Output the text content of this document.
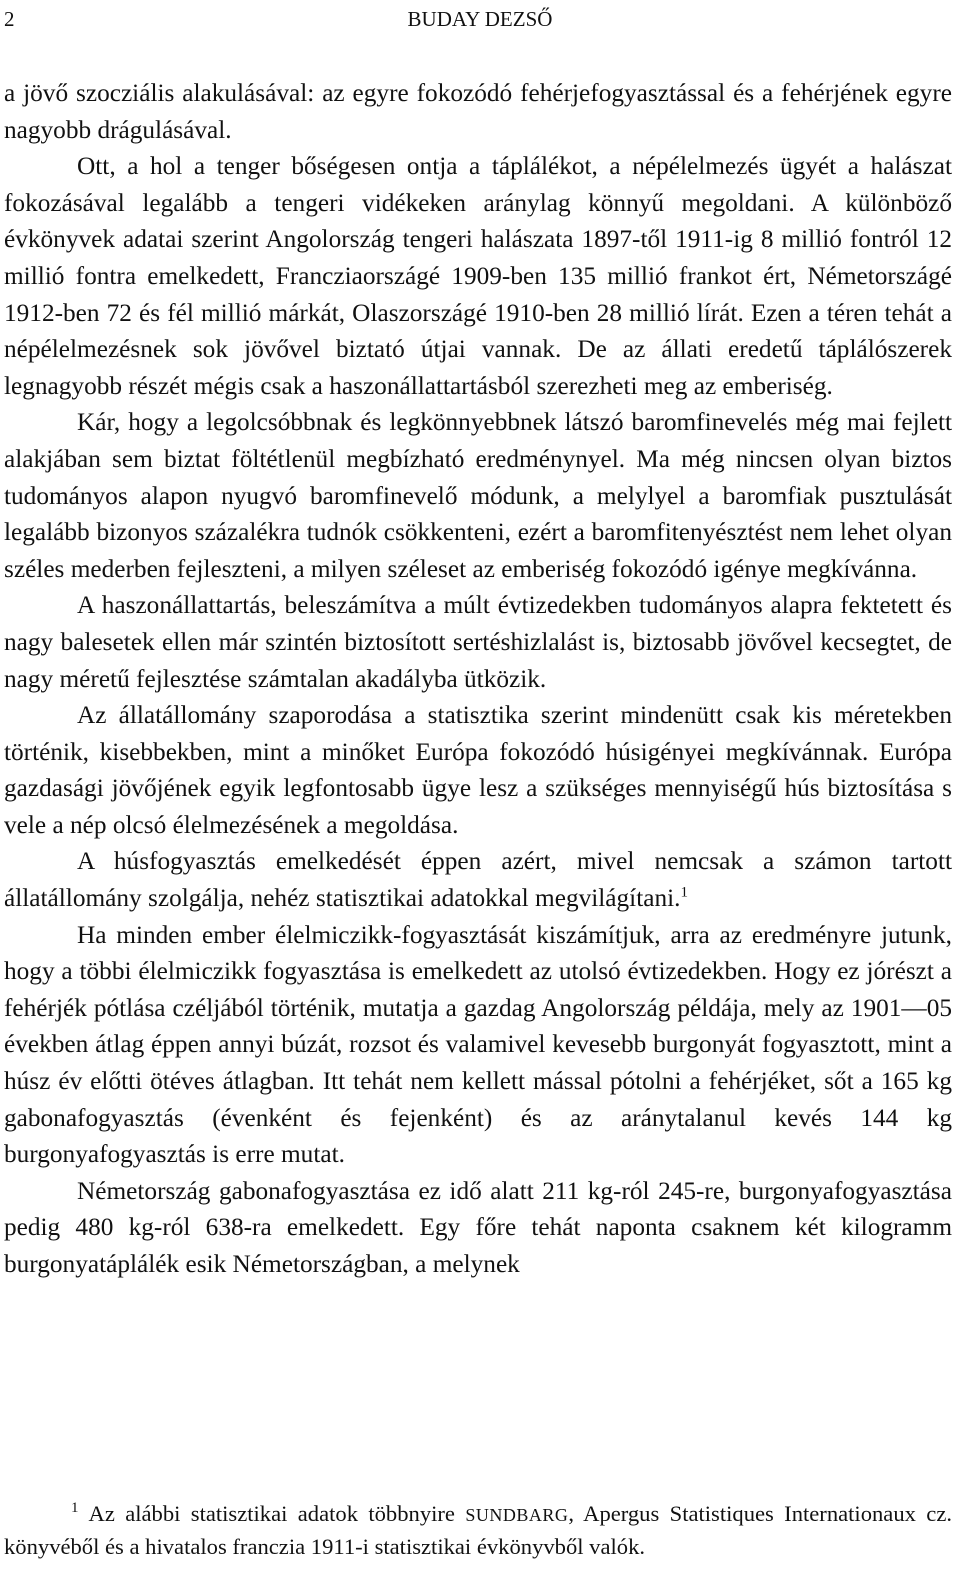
2	BUDAY DEZSŐ

a jövő szocziális alakulásával: az egyre fokozódó fehérjefogyasztással és a fehérjének egyre nagyobb drágulásával.

Ott, a hol a tenger bőségesen ontja a táplálékot, a népélelmezés ügyét a halászat fokozásával legalább a tengeri vidékeken aránylag könnyű megoldani. A különböző évkönyvek adatai szerint Angolország tengeri halászata 1897-től 1911-ig 8 millió fontról 12 millió fontra emelkedett, Francziaországé 1909-ben 135 millió frankot ért, Németországé 1912-ben 72 és fél millió márkát, Olaszországé 1910-ben 28 millió lírát. Ezen a téren tehát a népélelmezésnek sok jövővel biztató útjai vannak. De az állati eredetű táplálószerek legnagyobb részét mégis csak a haszonállattartásból szerezheti meg az emberiség.

Kár, hogy a legolcsóbbnak és legkönnyebbnek látszó baromfinevelés még mai fejlett alakjában sem biztat föltétlenül megbízható eredménynyel. Ma még nincsen olyan biztos tudományos alapon nyugvó baromfinevelő módunk, a melylyel a baromfiak pusztulását legalább bizonyos százalékra tudnók csökkenteni, ezért a baromfitenyésztést nem lehet olyan széles mederben fejleszteni, a milyen széleset az emberiség fokozódó igénye megkívánna.

A haszonállattartás, beleszámítva a múlt évtizedekben tudományos alapra fektetett és nagy balesetek ellen már szintén biztosított sertéshizlalást is, biztosabb jövővel kecsegtet, de nagy méretű fejlesztése számtalan akadályba ütközik.

Az állatállomány szaporodása a statisztika szerint mindenütt csak kis méretekben történik, kisebbekben, mint a minőket Európa fokozódó húsigényei megkívánnak. Európa gazdasági jövőjének egyik legfontosabb ügye lesz a szükséges mennyiségű hús biztosítása s vele a nép olcsó élelmezésének a megoldása.

A húsfogyasztás emelkedését éppen azért, mivel nemcsak a számon tartott állatállomány szolgálja, nehéz statisztikai adatokkal megvilágítani.$^1$

Ha minden ember élelmiczikk-fogyasztását kiszámítjuk, arra az eredményre jutunk, hogy a többi élelmiczikk fogyasztása is emelkedett az utolsó évtizedekben. Hogy ez jórészt a fehérjék pótlása czéljából történik, mutatja a gazdag Angolország példája, mely az 1901—05 években átlag éppen annyi búzát, rozsot és valamivel kevesebb burgonyát fogyasztott, mint a húsz év előtti ötéves átlagban. Itt tehát nem kellett mással pótolni a fehérjéket, sőt a 165 kg gabonafogyasztás (évenként és fejenként) és az aránytalanul kevés 144 kg burgonyafogyasztás is erre mutat.

Németország gabonafogyasztása ez idő alatt 211 kg-ról 245-re, burgonyafogyasztása pedig 480 kg-ról 638-ra emelkedett. Egy főre tehát naponta csaknem két kilogramm burgonyatáplálék esik Németországban, a melynek

$^1$ Az alábbi statisztikai adatok többnyire SUNDBARG, Apergus Statistiques Internationaux cz. könyvéből és a hivatalos franczia 1911-i statisztikai évkönyvből valók.
